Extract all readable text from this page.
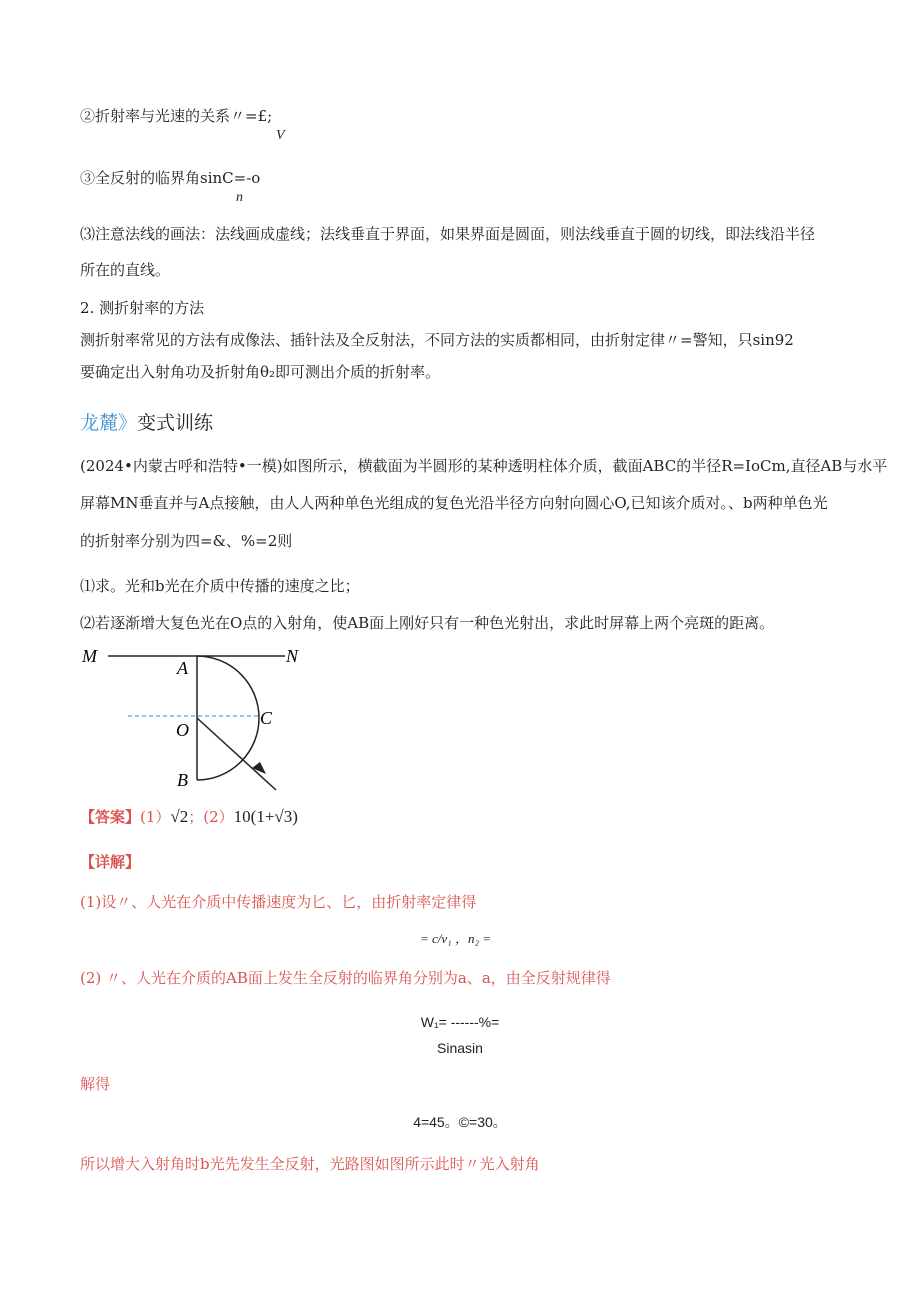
②折射率与光速的关系〃=£;
V
③全反射的临界角sinC=-o
n
⑶注意法线的画法：法线画成虚线；法线垂直于界面，如果界面是圆面，则法线垂直于圆的切线，即法线沿半径
所在的直线。
2. 测折射率的方法
测折射率常见的方法有成像法、插针法及全反射法，不同方法的实质都相同，由折射定律〃=警知，只sin92
要确定出入射角功及折射角θ₂即可测出介质的折射率。
龙麓》变式训练
(2024•内蒙古呼和浩特•一模)如图所示，横截面为半圆形的某种透明柱体介质，截面ABC的半径R=IoCm,直径AB与水平
屏幕MN垂直并与A点接触，由人人两种单色光组成的复色光沿半径方向射向圆心O,已知该介质对。、b两种单色光
的折射率分别为四=&、%=2则
⑴求。光和b光在介质中传播的速度之比；
⑵若逐渐增大复色光在O点的入射角，使AB面上刚好只有一种色光射出，求此时屏幕上两个亮斑的距离。
M	N
A
O
B
C
【答案】(1）√2；(2）10(1+√3)
【详解】
(1)设〃、人光在介质中传播速度为匕、匕，由折射率定律得
= c/v₁ ，n₂ =
(2) 〃、人光在介质的AB面上发生全反射的临界角分别为a、a，由全反射规律得
W₁= ------%=
Sinasin
解得
4=45。©=30。
所以增大入射角时b光先发生全反射，光路图如图所示此时〃光入射角
